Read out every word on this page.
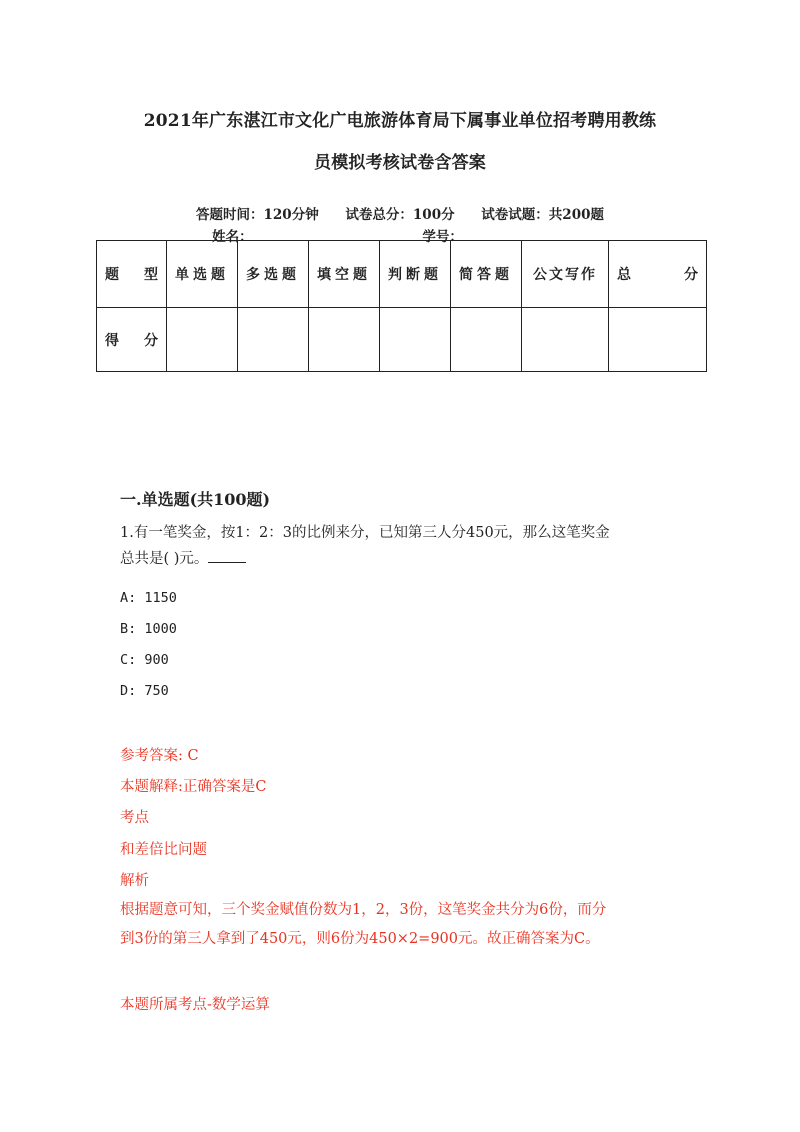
2021年广东湛江市文化广电旅游体育局下属事业单位招考聘用教练
员模拟考核试卷含答案
答题时间：120分钟 试卷总分：100分 试卷试题：共200题
姓名：	学号：
题 型	单选题	多选题	填空题	判断题	简答题	公文写作	总 分

得 分							

一.单选题(共100题)
1.有一笔奖金，按1：2：3的比例来分，已知第三人分450元，那么这笔奖金
总共是( )元。
A: 1150
B: 1000
C: 900
D: 750
参考答案: C
本题解释:正确答案是C
考点
和差倍比问题
解析
根据题意可知，三个奖金赋值份数为1，2，3份，这笔奖金共分为6份，而分
到3份的第三人拿到了450元，则6份为450×2=900元。故正确答案为C。
本题所属考点-数学运算
